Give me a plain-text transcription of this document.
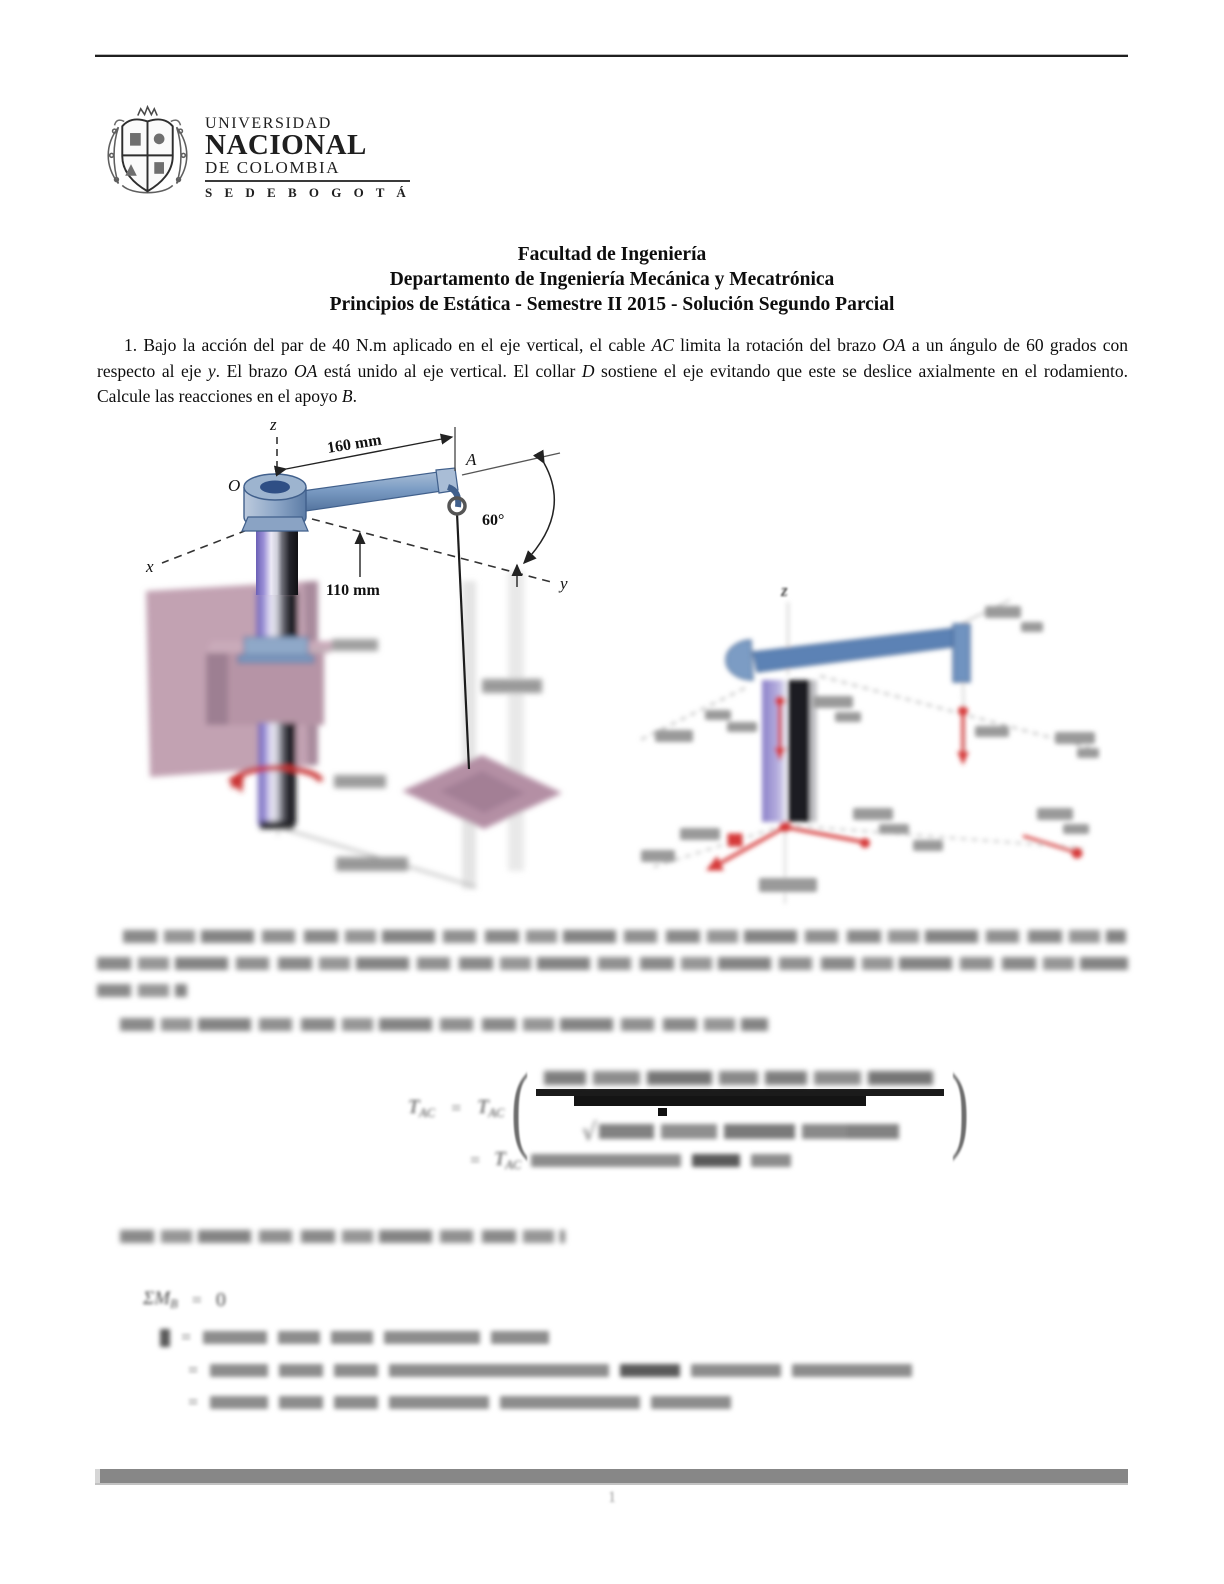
UNIVERSIDAD
NACIONAL
DE COLOMBIA
S E D E B O G O T Á
Facultad de Ingeniería
Departamento de Ingeniería Mecánica y Mecatrónica
Principios de Estática - Semestre II 2015 - Solución Segundo Parcial
1. Bajo la acción del par de 40 N.m aplicado en el eje vertical, el cable AC limita la rotación del brazo OA a un ángulo de 60 grados con respecto al eje y. El brazo OA está unido al eje vertical. El collar D sostiene el eje evitando que este se deslice axialmente en el rodamiento. Calcule las reacciones en el apoyo B.
z
x
y
O
A
160 mm
110 mm
60°
z
$T_{AC} = T_{AC}$ ( √	)
= $T_{AC}$
$\Sigma M_B = 0$
=
=
=
1
